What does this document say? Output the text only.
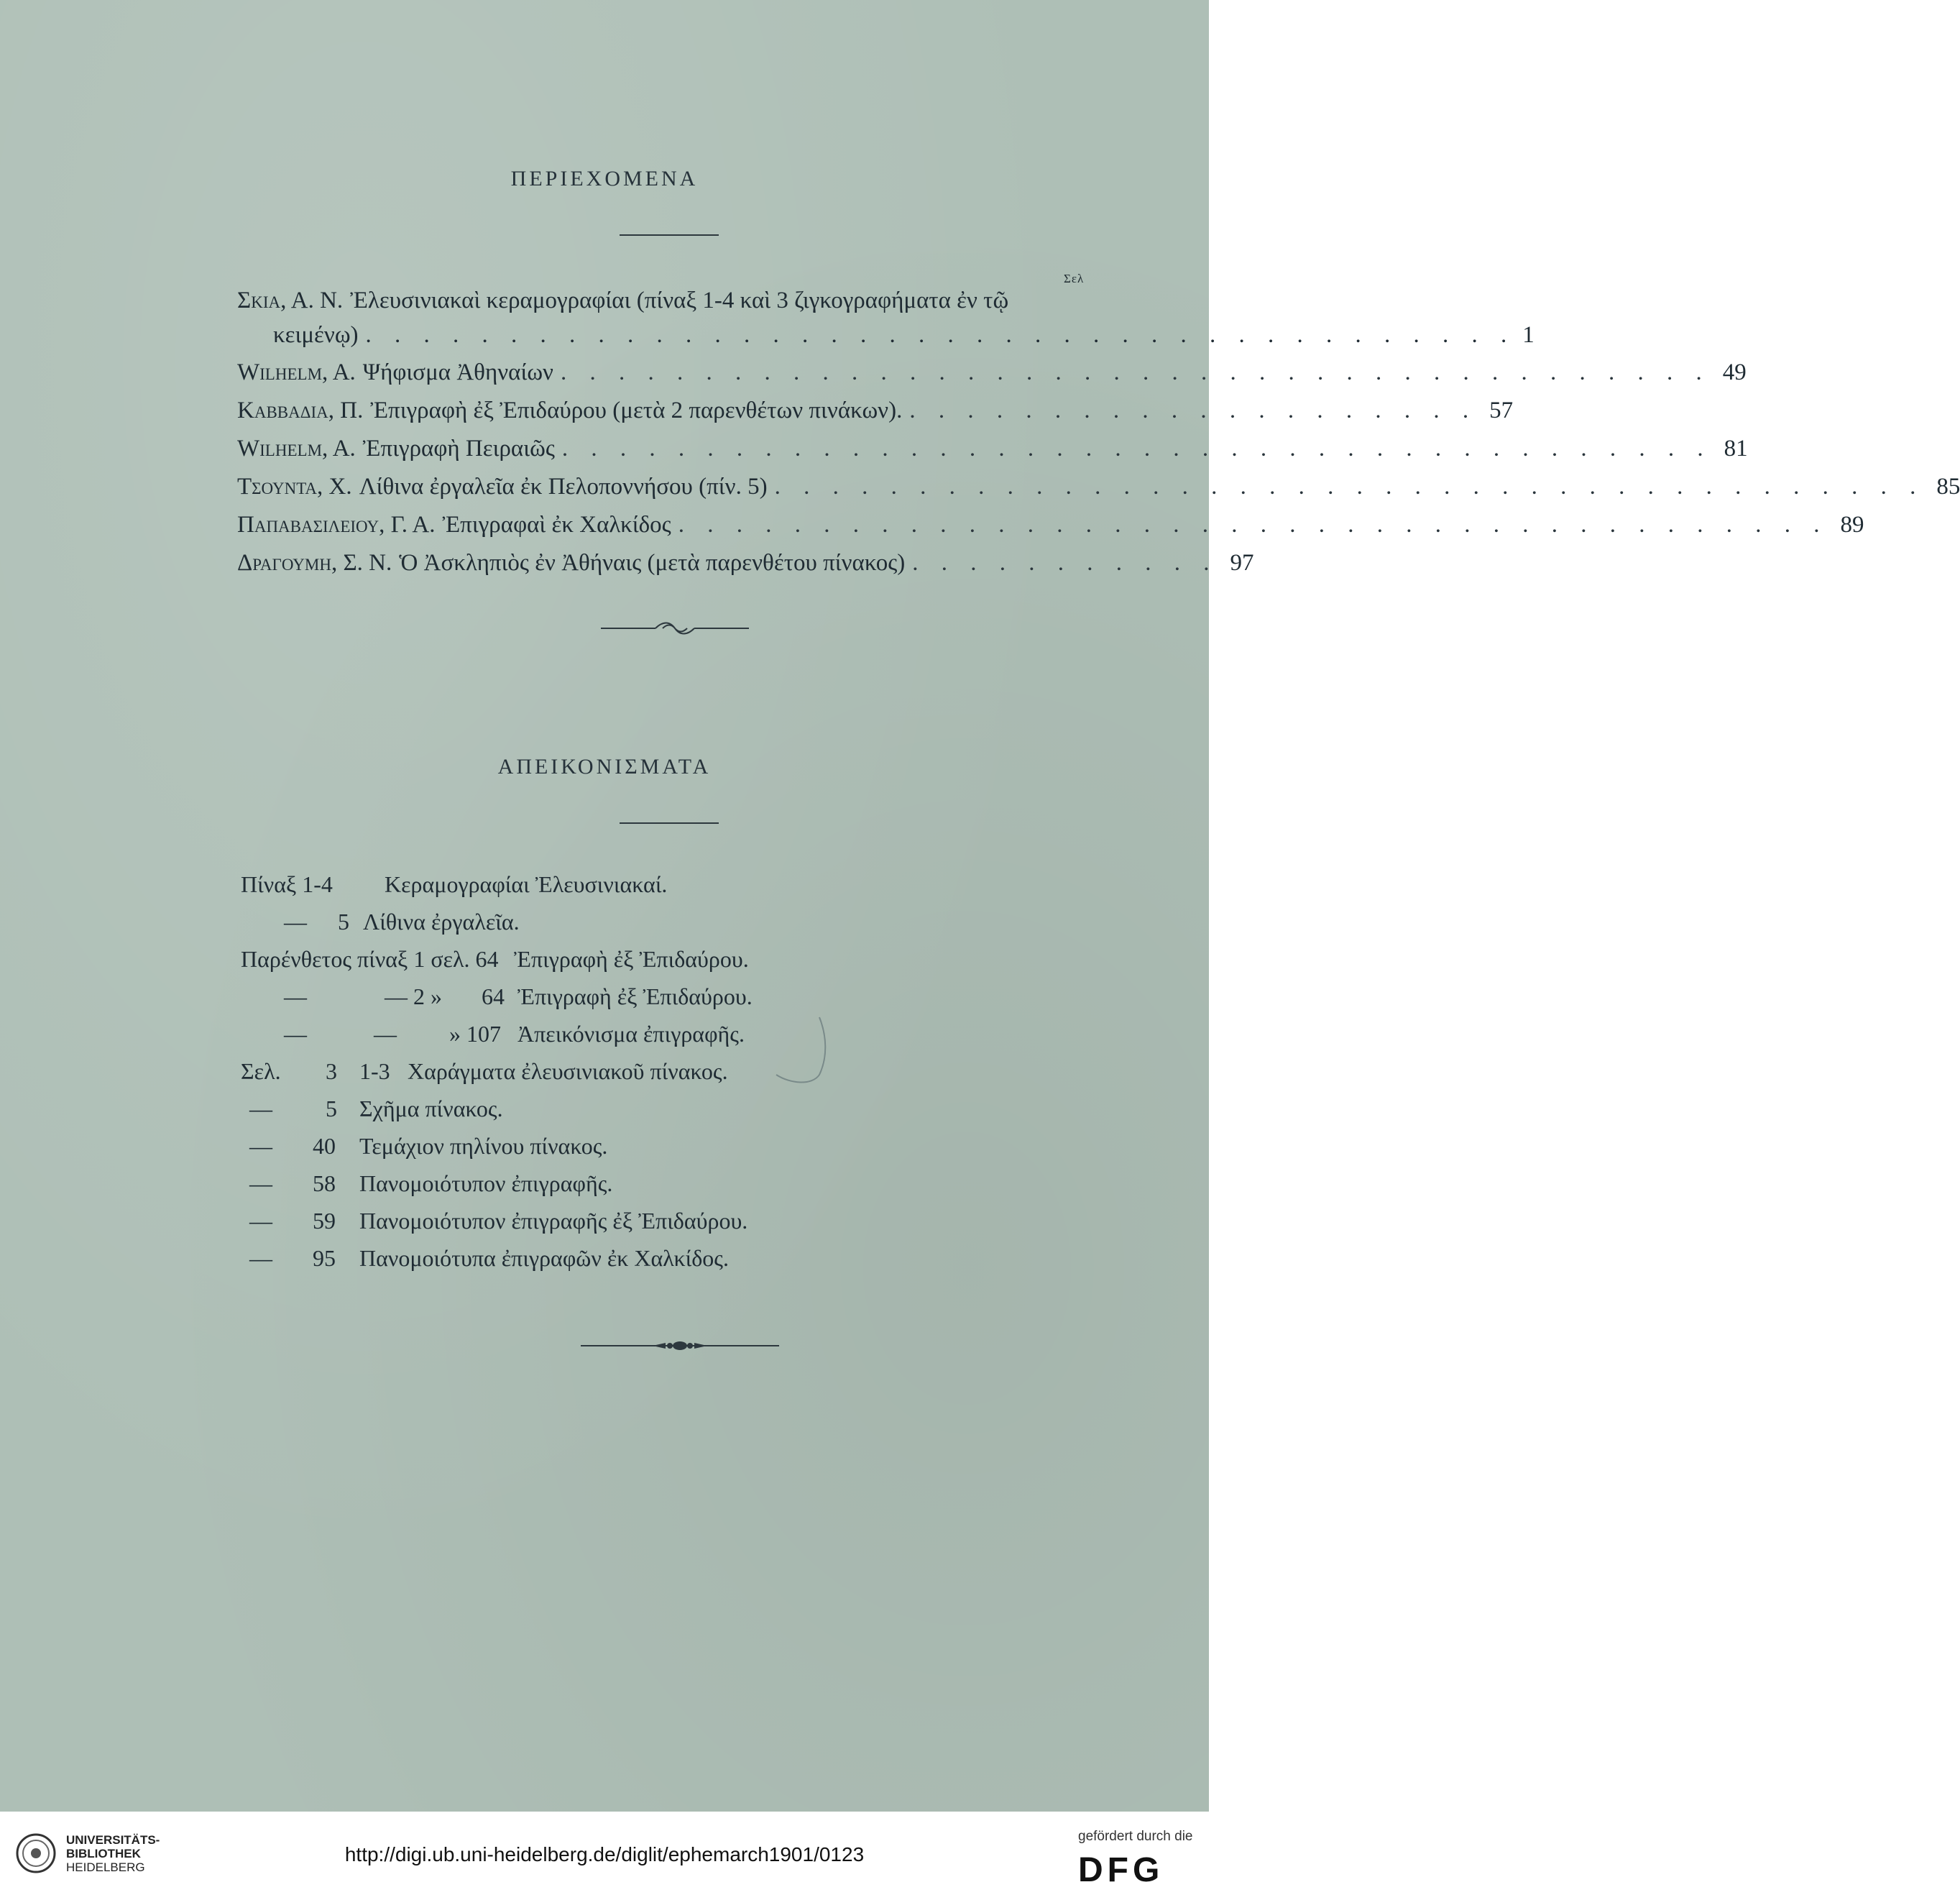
ΠΕΡΙΕΧΟΜΕΝΑ
Σελ
Σκια, Α. Ν. Ἐλευσινιακαὶ κεραμογραφίαι (πίναξ 1-4 καὶ 3 ζιγκογραφήματα ἐν τῷ
κειμένῳ) . . . . . . . . . . . . . . . . . . . . . . . . . . . . . . . . . . . . . . . . 1
Wilhelm, A. Ψήφισμα Ἀθηναίων . . . . . . . . . . . . . . . . . . . . . . . . . . . . . . . . . . . . . . . . 49
Καββαδια, Π. Ἐπιγραφὴ ἐξ Ἐπιδαύρου (μετὰ 2 παρενθέτων πινάκων). . . . . . . . . . . . . . . . . . . . . 57
Wilhelm, A. Ἐπιγραφὴ Πειραιῶς . . . . . . . . . . . . . . . . . . . . . . . . . . . . . . . . . . . . . . . . 81
Τσουντα, Χ. Λίθινα ἐργαλεῖα ἐκ Πελοποννήσου (πίν. 5) . . . . . . . . . . . . . . . . . . . . . . . . . . . . . . . . . . . . . . . . 85
Παπαβασιλειου, Γ. Α. Ἐπιγραφαὶ ἐκ Χαλκίδος . . . . . . . . . . . . . . . . . . . . . . . . . . . . . . . . . . . . . . . . 89
Δραγουμη, Σ. Ν. Ὁ Ἀσκληπιὸς ἐν Ἀθήναις (μετὰ παρενθέτου πίνακος) . . . . . . . . . . . 97
ΑΠΕΙΚΟΝΙΣΜΑΤΑ
Πίναξ 1-4 Κεραμογραφίαι Ἐλευσινιακαί.
— 5 Λίθινα ἐργαλεῖα.
Παρένθετος πίναξ 1 σελ. 64 Ἐπιγραφὴ ἐξ Ἐπιδαύρου.
—	— 2 » 64 Ἐπιγραφὴ ἐξ Ἐπιδαύρου.
—	— » 107 Ἀπεικόνισμα ἐπιγραφῆς.
Σελ. 3 1-3 Χαράγματα ἐλευσινιακοῦ πίνακος.
— 5 Σχῆμα πίνακος.
— 40 Τεμάχιον πηλίνου πίνακος.
— 58 Πανομοιότυπον ἐπιγραφῆς.
— 59 Πανομοιότυπον ἐπιγραφῆς ἐξ Ἐπιδαύρου.
— 95 Πανομοιότυπα ἐπιγραφῶν ἐκ Χαλκίδος.
UNIVERSITÄTS-
BIBLIOTHEK
HEIDELBERG
http://digi.ub.uni-heidelberg.de/diglit/ephemarch1901/0123
gefördert durch die
DFG
